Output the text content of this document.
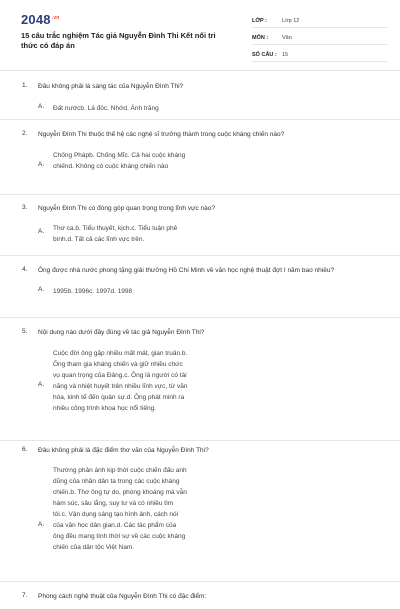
$2048^{.vn}$
15 câu trắc nghiệm Tác giả Nguyễn Đình Thi Kết nối tri thức có đáp án
LỚP :	Lớp 12
MÔN :	Văn
SỐ CÂU : 15
1. Đâu không phải là sáng tác của Nguyễn Đình Thi?
A. Đất nướcb. Lá đỏc. Nhớd. Ánh trăng
2. Nguyễn Đình Thi thuộc thế hệ các nghệ sĩ trưởng thành trong cuộc kháng chiến nào?
A.
Chống Phápb. Chống Mĩc. Cả hai cuộc kháng chiếnd. Không có cuộc kháng chiến nào
3. Nguyễn Đình Thi có đóng góp quan trọng trong lĩnh vực nào?
A. Thơ ca.b. Tiểu thuyết, kịch.c. Tiểu luận phê bình.d. Tất cả các lĩnh vực trên.
4. Ông được nhà nước phong tặng giải thưởng Hồ Chí Minh về văn học nghệ thuật đợt I năm bao nhiêu?
A. 1995b. 1996c. 1997d. 1998
5. Nội dung nào dưới đây đúng về tác giả Nguyễn Đình Thi?
A.
Cuộc đời ông gặp nhiều mất mát, gian truân.b. Ông tham gia kháng chiến và giữ nhiều chức vụ quan trọng của Đảng.c. Ông là người có tài năng và nhiệt huyết trên nhiều lĩnh vực, từ văn hóa, kinh tế đến quân sự.d. Ông phát minh ra nhiều công trình khoa học nổi tiếng.
6. Đâu không phải là đặc điểm thơ văn của Nguyễn Đình Thi?
A.
Thường phản ánh kịp thời cuộc chiến đấu anh dũng của nhân dân ta trong các cuộc kháng chiến.b. Thơ ông tự do, phóng khoáng mà vẫn hàm súc, sâu lắng, suy tư và có nhiều tìm tòi.c. Vận dụng sáng tạo hình ảnh, cách nói của văn học dân gian.d. Các tác phẩm của ông đều mang tính thời sự về các cuộc kháng chiến của dân tộc Việt Nam.
7. Phong cách nghệ thuật của Nguyễn Đình Thi có đặc điểm:
